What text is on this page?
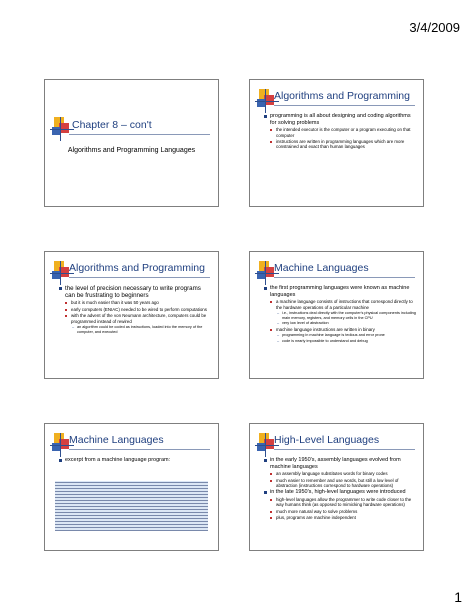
3/4/2009
Chapter 8 – con't
Algorithms and Programming Languages
Algorithms and Programming
programming is all about designing and coding algorithms for solving problems
the intended executor is the computer or a program executing on that computer
instructions are written in programming languages which are more constrained and exact than human languages
Algorithms and Programming
the level of precision necessary to write programs can be frustrating to beginners
but it is much easier than it was 50 years ago
early computers (ENIAC) needed to be wired to perform computations
with the advent of the von Neumann architecture, computers could be programmed instead of rewired
– an algorithm could be coded as instructions, loaded into the memory of the computer, and executed
Machine Languages
the first programming languages were known as machine languages
a machine language consists of instructions that correspond directly to the hardware operations of a particular machine
– i.e., instructions deal directly with the computer's physical components including main memory, registers, and memory cells in the CPU
– very low level of abstraction
machine language instructions are written in binary
– programming in machine language is tedious and error prone
– code is nearly impossible to understand and debug
Machine Languages
excerpt from a machine language program:
High-Level Languages
in the early 1950's, assembly languages evolved from machine languages
an assembly language substitutes words for binary codes
much easier to remember and use words, but still a low level of abstraction (instructions correspond to hardware operations)
in the late 1950's, high-level languages were introduced
high-level languages allow the programmer to write code closer to the way humans think (as opposed to mimicking hardware operations)
much more natural way to solve problems
plus, programs are machine independent
1
